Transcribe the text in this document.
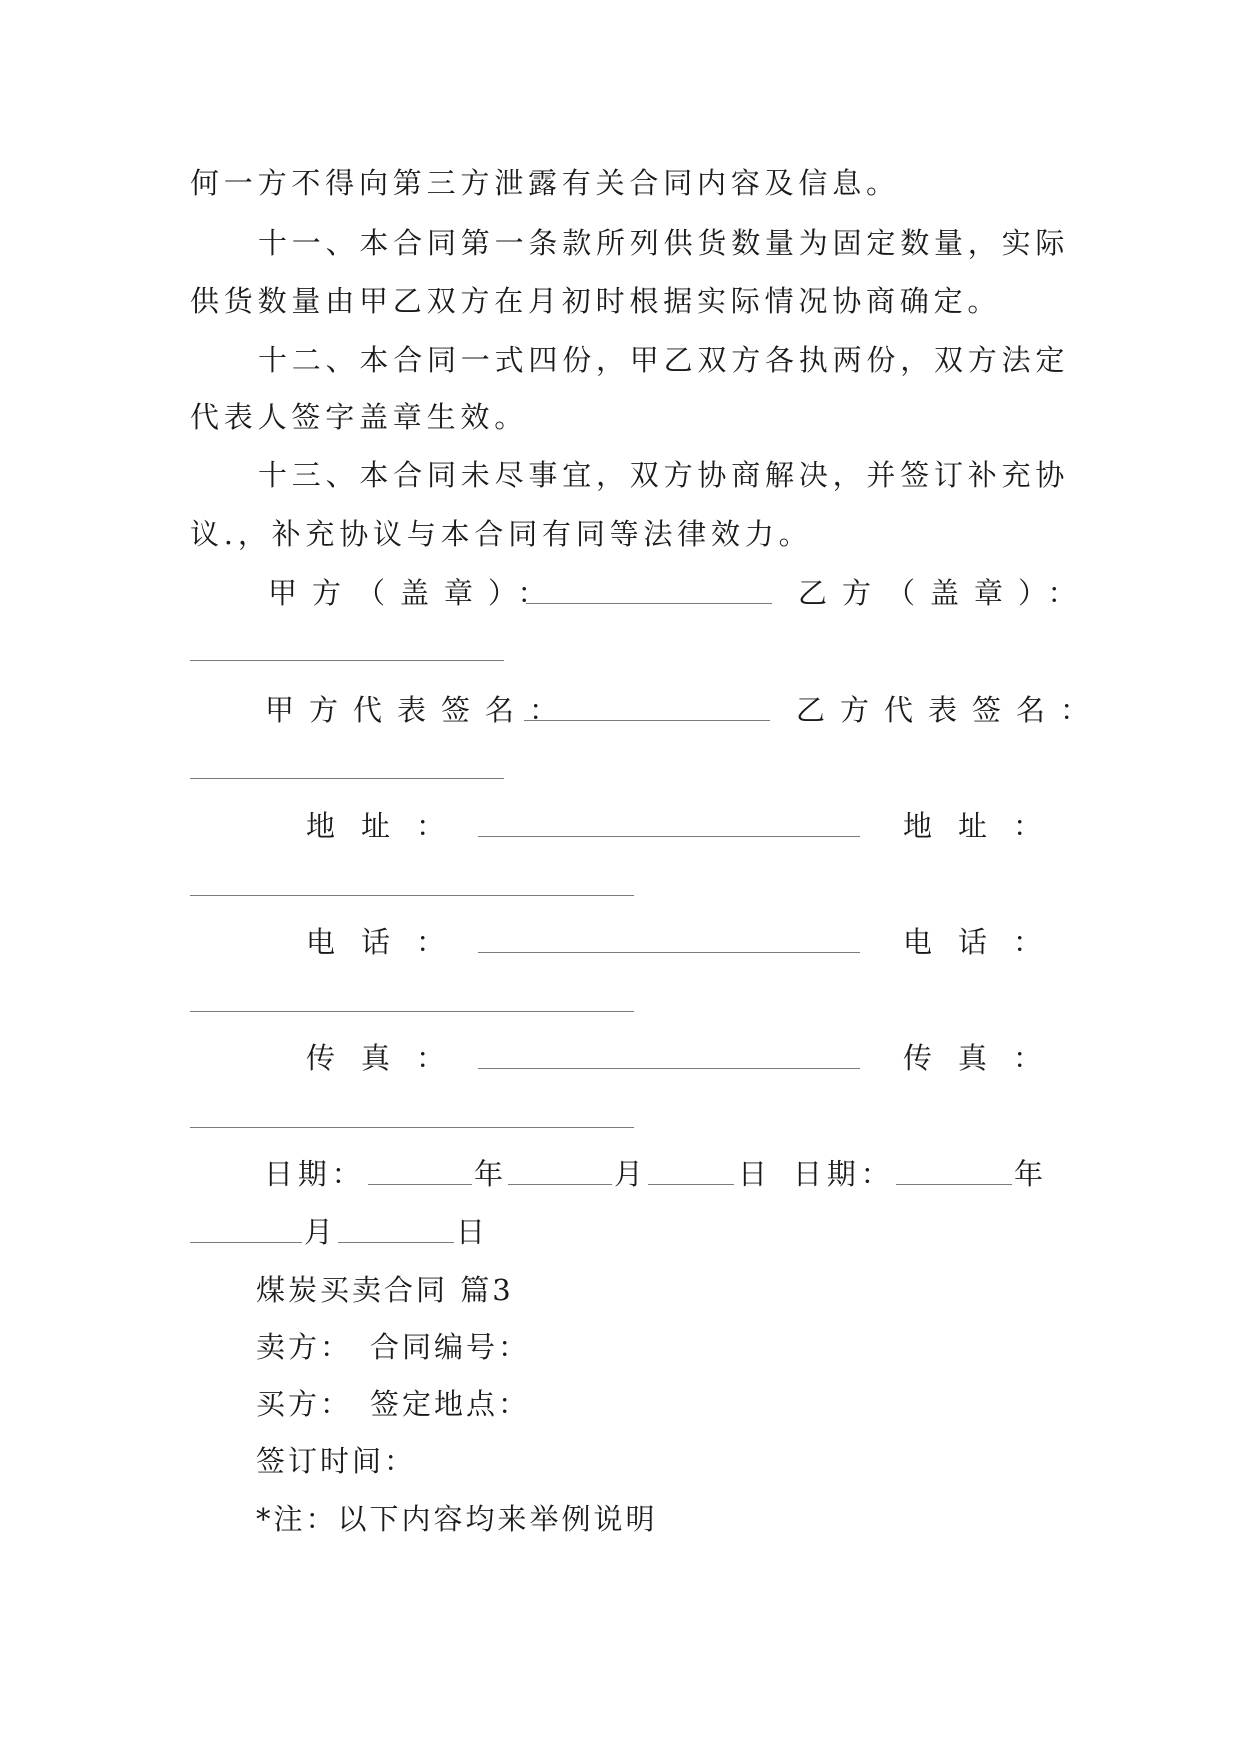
何一方不得向第三方泄露有关合同内容及信息。
十一、本合同第一条款所列供货数量为固定数量，实际
供货数量由甲乙双方在月初时根据实际情况协商确定。
十二、本合同一式四份，甲乙双方各执两份，双方法定
代表人签字盖章生效。
十三、本合同未尽事宜，双方协商解决，并签订补充协
议.，补充协议与本合同有同等法律效力。
甲方（盖章）：	乙方（盖章）：
甲方代表签名：	乙方代表签名：
地址：	地址：
电话：	电话：
传真：	传真：
日期：	年	月	日 日期：	年
月	日
煤炭买卖合同 篇3
卖方： 合同编号：
买方： 签定地点：
签订时间：
*注：以下内容均来举例说明
